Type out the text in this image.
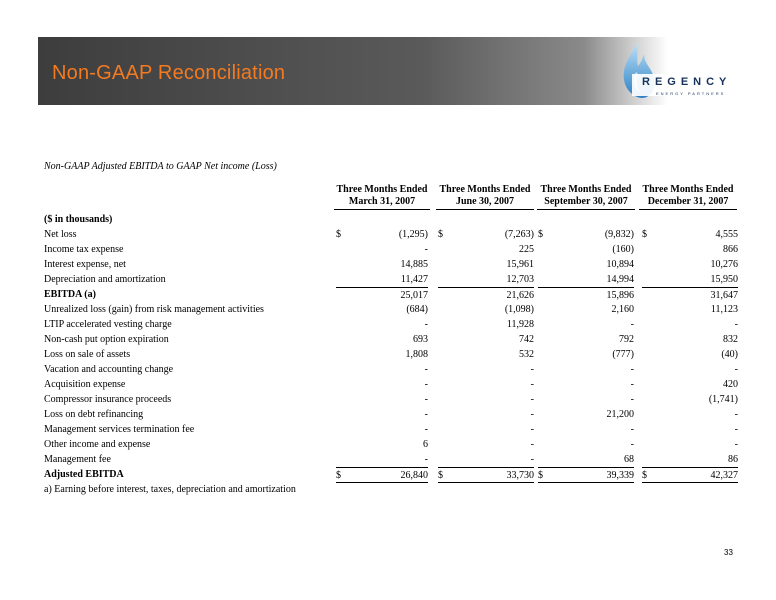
Non-GAAP Reconciliation	REGENCY
ENERGY PARTNERS
Non-GAAP Adjusted EBITDA to GAAP Net income (Loss)
Three Months Ended
March 31, 2007
Three Months Ended
June 30, 2007
Three Months Ended
September 30, 2007
Three Months Ended
December 31, 2007
($ in thousands)
Net loss	$	(1,295) $	(7,263) $	(9,832) $	4,555
Income tax expense	-	225	(160)	866
Interest expense, net	14,885	15,961	10,894	10,276
Depreciation and amortization	11,427	12,703	14,994	15,950
EBITDA (a)	25,017	21,626	15,896	31,647
Unrealized loss (gain) from risk management activities	(684)	(1,098)	2,160	11,123
LTIP accelerated vesting charge	-	11,928	-	-
Non-cash put option expiration	693	742	792	832
Loss on sale of assets	1,808	532	(777)	(40)
Vacation and accounting change	-	-	-	-
Acquisition expense	-	-	-	420
Compressor insurance proceeds	-	-	-	(1,741)
Loss on debt refinancing	-	-	21,200	-
Management services termination fee	-	-	-	-
Other income and expense	6	-	-	-
Management fee	-	-	68	86
Adjusted EBITDA	$	26,840 $	33,730 $	39,339 $	42,327
a) Earning before interest, taxes, depreciation and amortization
33
